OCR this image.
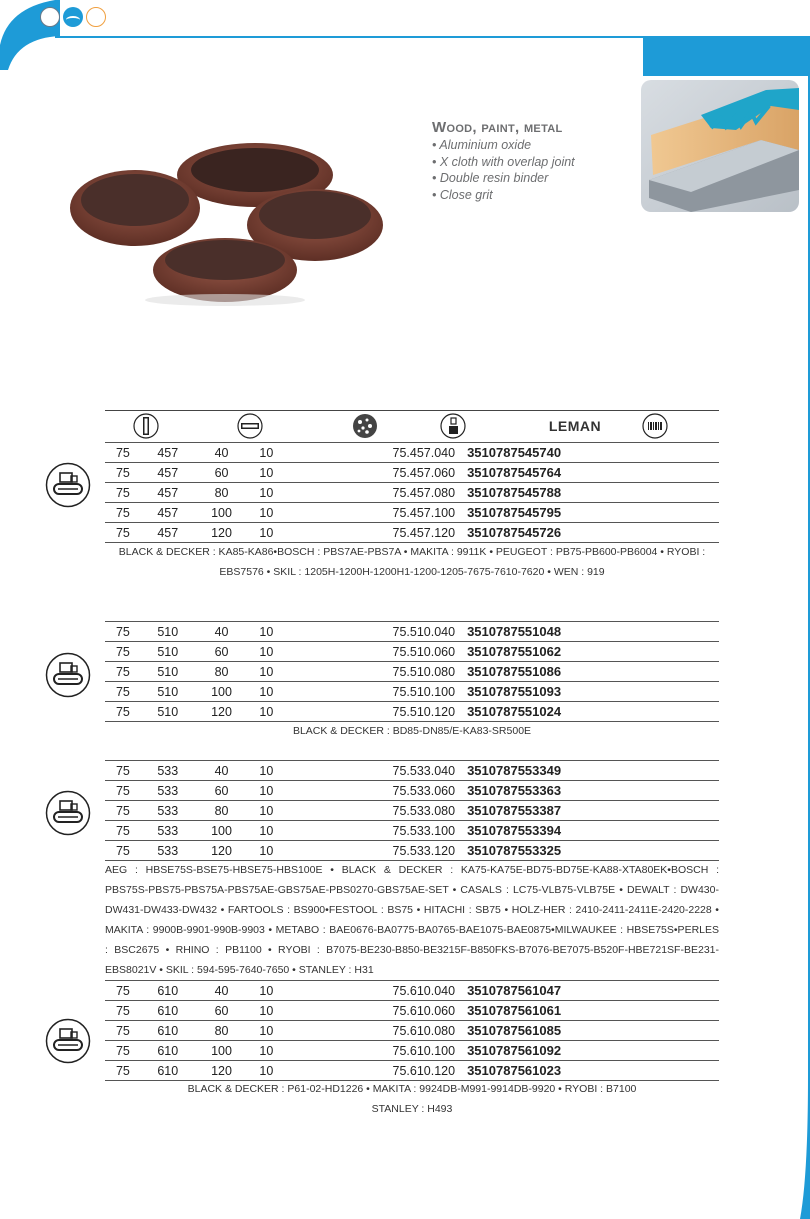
Wood, paint, metal
• Aluminium oxide
• X cloth with overlap joint
• Double resin binder
• Close grit
LEMAN
75	457	40	10	75.457.040	3510787545740
75	457	60	10	75.457.060	3510787545764
75	457	80	10	75.457.080	3510787545788
75	457	100	10	75.457.100	3510787545795
75	457	120	10	75.457.120	3510787545726
BLACK & DECKER : KA85-KA86•BOSCH : PBS7AE-PBS7A • MAKITA : 9911K • PEUGEOT : PB75-PB600-PB6004 • RYOBI : EBS7576 • SKIL : 1205H-1200H-1200H1-1200-1205-7675-7610-7620 • WEN : 919
75	510	40	10	75.510.040	3510787551048
75	510	60	10	75.510.060	3510787551062
75	510	80	10	75.510.080	3510787551086
75	510	100	10	75.510.100	3510787551093
75	510	120	10	75.510.120	3510787551024
BLACK & DECKER : BD85-DN85/E-KA83-SR500E
75	533	40	10	75.533.040	3510787553349
75	533	60	10	75.533.060	3510787553363
75	533	80	10	75.533.080	3510787553387
75	533	100	10	75.533.100	3510787553394
75	533	120	10	75.533.120	3510787553325
AEG : HBSE75S-BSE75-HBSE75-HBS100E • BLACK & DECKER : KA75-KA75E-BD75-BD75E-KA88-XTA80EK•BOSCH : PBS75S-PBS75-PBS75A-PBS75AE-GBS75AE-PBS0270-GBS75AE-SET • CASALS : LC75-VLB75-VLB75E • DEWALT : DW430-DW431-DW433-DW432 • FARTOOLS : BS900•FESTOOL : BS75 • HITACHI : SB75 • HOLZ-HER : 2410-2411-2411E-2420-2228 • MAKITA : 9900B-9901-990B-9903 • METABO : BAE0676-BA0775-BA0765-BAE1075-BAE0875•MILWAUKEE : HBSE75S•PERLES : BSC2675 • RHINO : PB1100 • RYOBI : B7075-BE230-B850-BE3215F-B850FKS-B7076-BE7075-B520F-HBE721SF-BE231-EBS8021V • SKIL : 594-595-7640-7650 • STANLEY : H31
75	610	40	10	75.610.040	3510787561047
75	610	60	10	75.610.060	3510787561061
75	610	80	10	75.610.080	3510787561085
75	610	100	10	75.610.100	3510787561092
75	610	120	10	75.610.120	3510787561023
BLACK & DECKER : P61-02-HD1226 • MAKITA : 9924DB-M991-9914DB-9920 • RYOBI : B7100
STANLEY : H493
